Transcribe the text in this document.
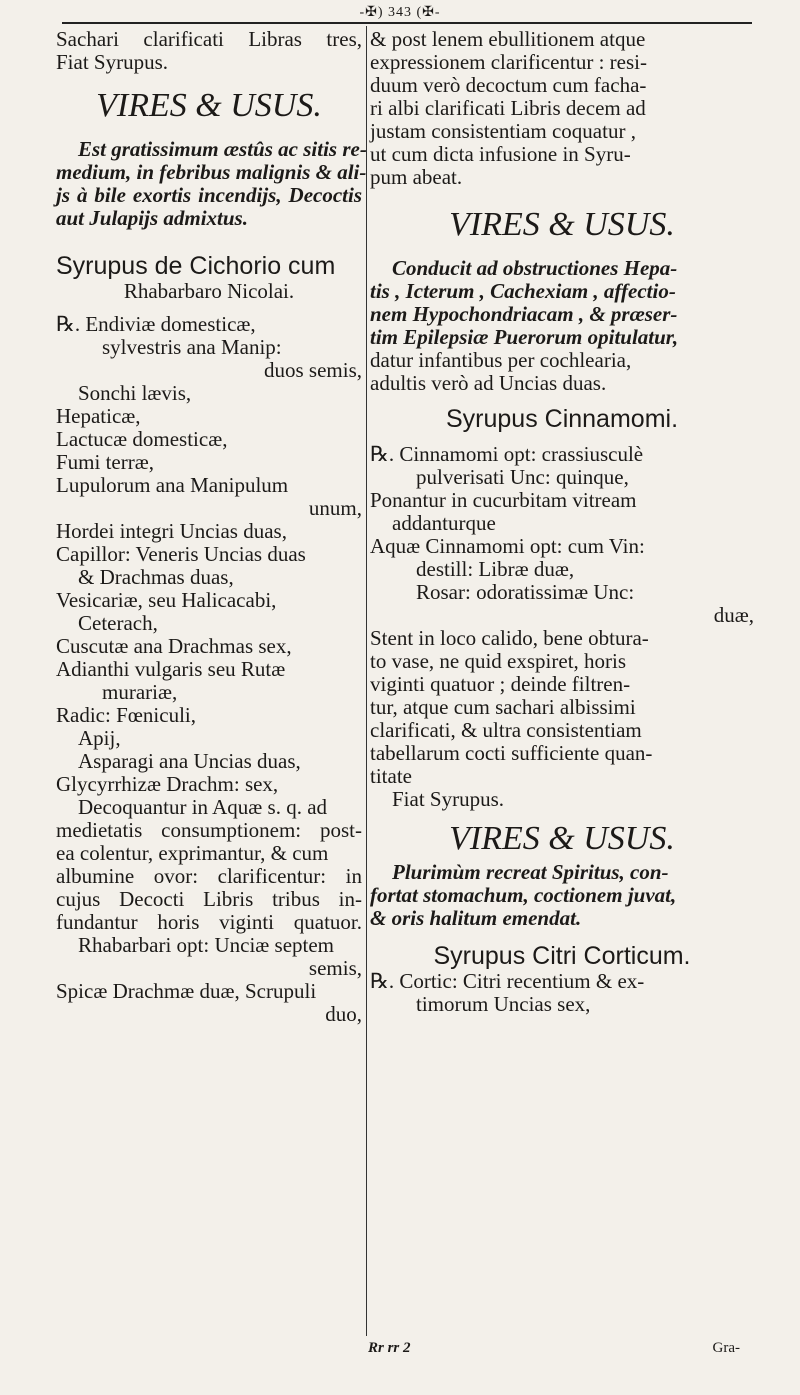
-✠) 343 (✠-
Sachari clarificati Libras tres,
Fiat Syrupus.
VIRES & USUS.
Est gratissimum æstûs ac sitis re-
medium, in febribus malignis & ali-
js à bile exortis incendijs, Decoctis
aut Julapijs admixtus.
Syrupus de Cichorio cum
Rhabarbaro Nicolai.
℞. Endiviæ domesticæ,
sylvestris ana Manip:
duos semis,
Sonchi lævis,
Hepaticæ,
Lactucæ domesticæ,
Fumi terræ,
Lupulorum ana Manipulum
unum,
Hordei integri Uncias duas,
Capillor: Veneris Uncias duas
& Drachmas duas,
Vesicariæ, seu Halicacabi,
Ceterach,
Cuscutæ ana Drachmas sex,
Adianthi vulgaris seu Rutæ
murariæ,
Radic: Fœniculi,
Apij,
Asparagi ana Uncias duas,
Glycyrrhizæ Drachm: sex,
Decoquantur in Aquæ s. q. ad
medietatis consumptionem: post-
ea colentur, exprimantur, & cum
albumine ovor: clarificentur: in
cujus Decocti Libris tribus in-
fundantur horis viginti quatuor.
Rhabarbari opt: Unciæ septem
semis,
Spicæ Drachmæ duæ, Scrupuli
duo,
& post lenem ebullitionem atque
expressionem clarificentur : resi-
duum verò decoctum cum facha-
ri albi clarificati Libris decem ad
justam consistentiam coquatur ,
ut cum dicta infusione in Syru-
pum abeat.
VIRES & USUS.
Conducit ad obstructiones Hepa-
tis , Icterum , Cachexiam , affectio-
nem Hypochondriacam , & præser-
tim Epilepsiæ Puerorum opitulatur,
datur infantibus per cochlearia,
adultis verò ad Uncias duas.
Syrupus Cinnamomi.
℞. Cinnamomi opt: crassiusculè
pulverisati Unc: quinque,
Ponantur in cucurbitam vitream
addanturque
Aquæ Cinnamomi opt: cum Vin:
destill: Libræ duæ,
Rosar: odoratissimæ Unc:
duæ,
Stent in loco calido, bene obtura-
to vase, ne quid exspiret, horis
viginti quatuor ; deinde filtren-
tur, atque cum sachari albissimi
clarificati, & ultra consistentiam
tabellarum cocti sufficiente quan-
titate
Fiat Syrupus.
VIRES & USUS.
Plurimùm recreat Spiritus, con-
fortat stomachum, coctionem juvat,
& oris halitum emendat.
Syrupus Citri Corticum.
℞. Cortic: Citri recentium & ex-
timorum Uncias sex,
Rr rr 2	Gra-
